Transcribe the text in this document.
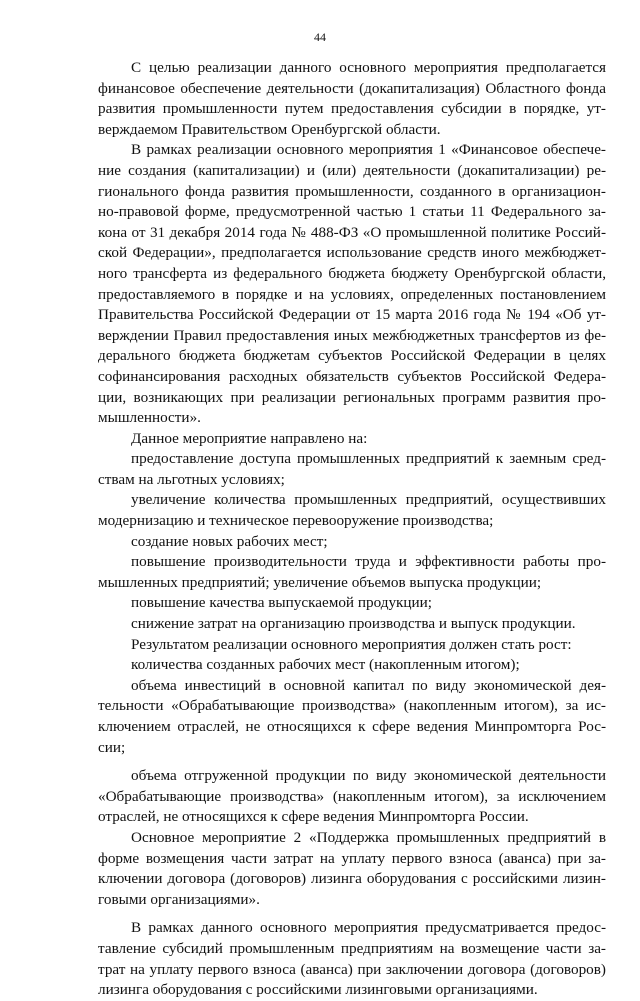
44

С целью реализации данного основного мероприятия предполагается
финансовое обеспечение деятельности (докапитализация) Областного фонда
развития промышленности путем предоставления субсидии в порядке, ут-
верждаемом Правительством Оренбургской области.

В рамках реализации основного мероприятия 1 «Финансовое обеспече-
ние создания (капитализации) и (или) деятельности (докапитализации) ре-
гионального фонда развития промышленности, созданного в организацион-
но-правовой форме, предусмотренной частью 1 статьи 11 Федерального за-
кона от 31 декабря 2014 года № 488-ФЗ «О промышленной политике Россий-
ской Федерации», предполагается использование средств иного межбюджет-
ного трансферта из федерального бюджета бюджету Оренбургской области,
предоставляемого в порядке и на условиях, определенных постановлением
Правительства Российской Федерации от 15 марта 2016 года № 194 «Об ут-
верждении Правил предоставления иных межбюджетных трансфертов из фе-
дерального бюджета бюджетам субъектов Российской Федерации в целях
софинансирования расходных обязательств субъектов Российской Федера-
ции, возникающих при реализации региональных программ развития про-
мышленности».

Данное мероприятие направлено на:

предоставление доступа промышленных предприятий к заемным сред-
ствам на льготных условиях;

увеличение количества промышленных предприятий, осуществивших
модернизацию и техническое перевооружение производства;

создание новых рабочих мест;

повышение производительности труда и эффективности работы про-
мышленных предприятий; увеличение объемов выпуска продукции;

повышение качества выпускаемой продукции;

снижение затрат на организацию производства и выпуск продукции.

Результатом реализации основного мероприятия должен стать рост:

количества созданных рабочих мест (накопленным итогом);

объема инвестиций в основной капитал по виду экономической дея-
тельности «Обрабатывающие производства» (накопленным итогом), за ис-
ключением отраслей, не относящихся к сфере ведения Минпромторга Рос-
сии;

объема отгруженной продукции по виду экономической деятельности
«Обрабатывающие производства» (накопленным итогом), за исключением
отраслей, не относящихся к сфере ведения Минпромторга России.

Основное мероприятие 2 «Поддержка промышленных предприятий в
форме возмещения части затрат на уплату первого взноса (аванса) при за-
ключении договора (договоров) лизинга оборудования с российскими лизин-
говыми организациями».

В рамках данного основного мероприятия предусматривается предос-
тавление субсидий промышленным предприятиям на возмещение части за-
трат на уплату первого взноса (аванса) при заключении договора (договоров)
лизинга оборудования с российскими лизинговыми организациями.
